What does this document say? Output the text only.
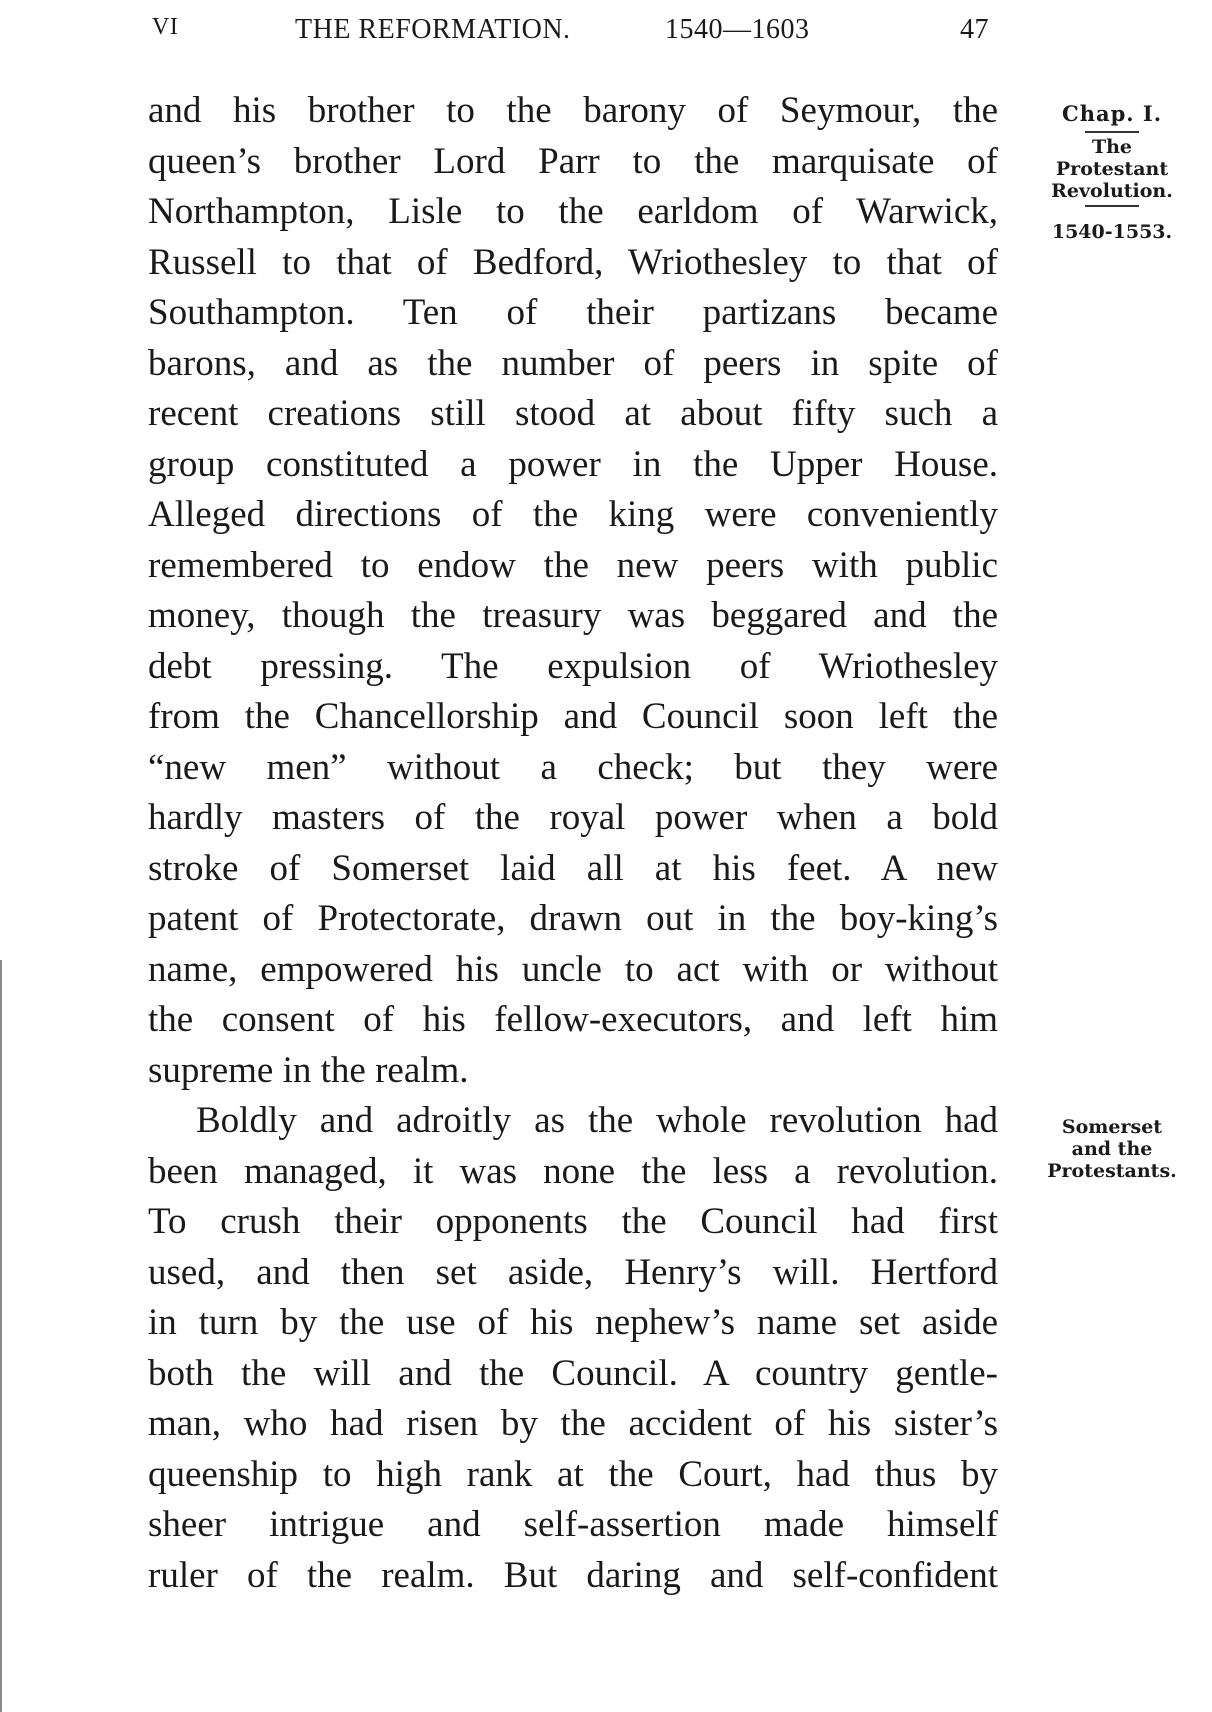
VI	THE REFORMATION.	1540—1603	47
and his brother to the barony of Seymour, the
queen’s brother Lord Parr to the marquisate of
Northampton, Lisle to the earldom of Warwick,
Russell to that of Bedford, Wriothesley to that of
Southampton. Ten of their partizans became
barons, and as the number of peers in spite of
recent creations still stood at about fifty such a
group constituted a power in the Upper House.
Alleged directions of the king were conveniently
remembered to endow the new peers with public
money, though the treasury was beggared and the
debt pressing. The expulsion of Wriothesley
from the Chancellorship and Council soon left the
“new men” without a check; but they were
hardly masters of the royal power when a bold
stroke of Somerset laid all at his feet. A new
patent of Protectorate, drawn out in the boy-king’s
name, empowered his uncle to act with or without
the consent of his fellow-executors, and left him
supreme in the realm.
Boldly and adroitly as the whole revolution had
been managed, it was none the less a revolution.
To crush their opponents the Council had first
used, and then set aside, Henry’s will. Hertford
in turn by the use of his nephew’s name set aside
both the will and the Council. A country gentle-
man, who had risen by the accident of his sister’s
queenship to high rank at the Court, had thus by
sheer intrigue and self-assertion made himself
ruler of the realm. But daring and self-confident
Chap. I.
The
Protestant
Revolution.
1540-1553.
Somerset
and the
Protestants.
